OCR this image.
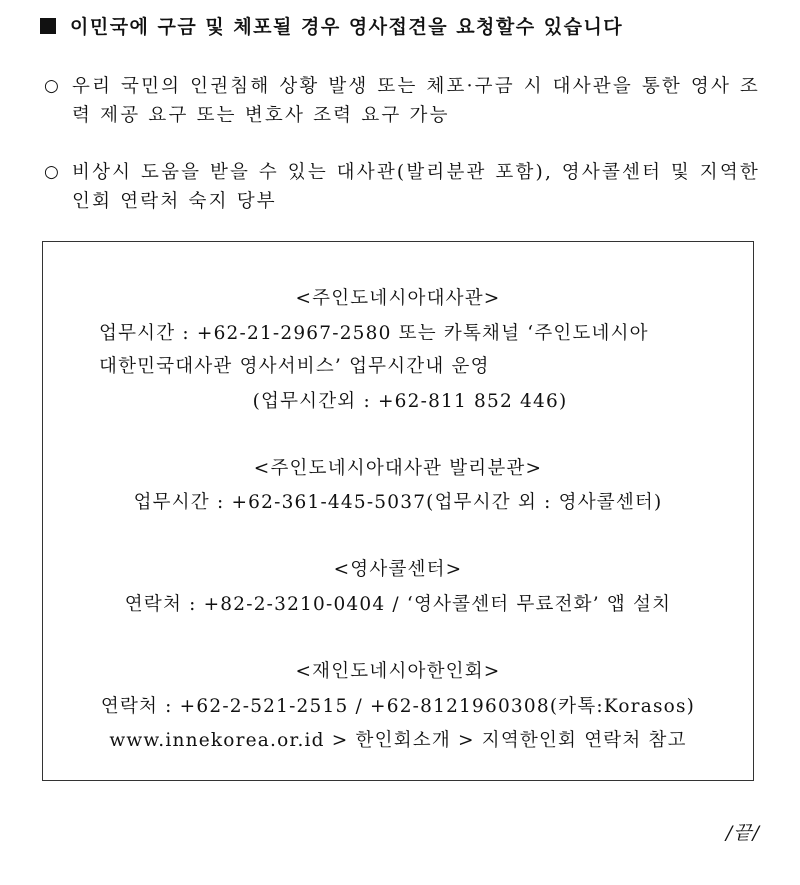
이민국에 구금 및 체포될 경우 영사접견을 요청할수 있습니다
○ 우리 국민의 인권침해 상황 발생 또는 체포·구금 시 대사관을 통한 영사 조력 제공 요구 또는 변호사 조력 요구 가능
○ 비상시 도움을 받을 수 있는 대사관(발리분관 포함), 영사콜센터 및 지역한인회 연락처 숙지 당부
<주인도네시아대사관>
업무시간 : +62-21-2967-2580 또는 카톡채널 ‘주인도네시아
대한민국대사관 영사서비스’ 업무시간내 운영
(업무시간외 : +62-811 852 446)
<주인도네시아대사관 발리분관>
업무시간 : +62-361-445-5037(업무시간 외 : 영사콜센터)
<영사콜센터>
연락처 : +82-2-3210-0404 / ‘영사콜센터 무료전화’ 앱 설치
<재인도네시아한인회>
연락처 : +62-2-521-2515 / +62-8121960308(카톡:Korasos)
www.innekorea.or.id > 한인회소개 > 지역한인회 연락처 참고
/끝/
